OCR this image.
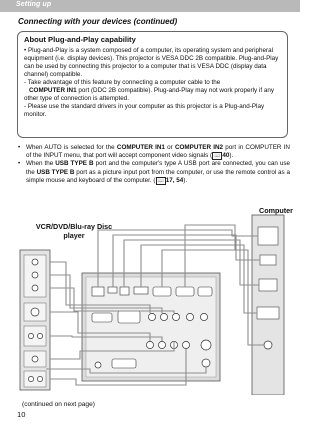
Setting up
Connecting with your devices (continued)
About Plug-and-Play capability

• Plug-and-Play is a system composed of a computer, its operating system and peripheral equipment (i.e. display devices). This projector is VESA DDC 2B compatible. Plug-and-Play can be used by connecting this projector to a computer that is VESA DDC (display data channel) compatible.

- Take advantage of this feature by connecting a computer cable to the
COMPUTER IN1 port (DDC 2B compatible). Plug-and-Play may not work properly if any other type of connection is attempted.

- Please use the standard drivers in your computer as this projector is a Plug-and-Play monitor.

• When AUTO is selected for the COMPUTER IN1 or COMPUTER IN2 port in COMPUTER IN of the INPUT menu, that port will accept component video signals ( 📖 40).
• When the USB TYPE B port and the computer's type A USB port are connected, you can use the USB TYPE B port as a picture input port from the computer, or use the remote control as a simple mouse and keyboard of the computer. ( 📖 17, 54).
Computer
VCR/DVD/Blu-ray Disc player
(continued on next page)
10
